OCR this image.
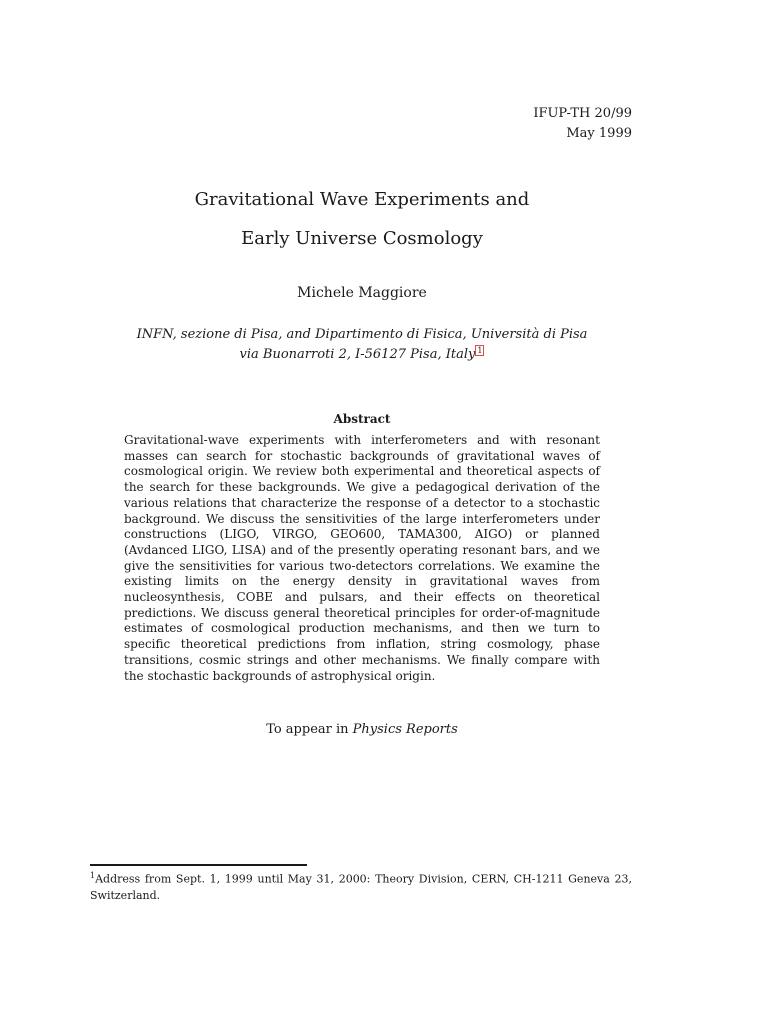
IFUP-TH 20/99
May 1999
Gravitational Wave Experiments and
Early Universe Cosmology
Michele Maggiore
INFN, sezione di Pisa, and Dipartimento di Fisica, Università di Pisa
via Buonarroti 2, I-56127 Pisa, Italy $^1$
Abstract
Gravitational-wave experiments with interferometers and with resonant masses can search for stochastic backgrounds of gravitational waves of cosmological origin. We review both experimental and theoretical aspects of the search for these backgrounds. We give a pedagogical derivation of the various relations that characterize the response of a detector to a stochastic background. We discuss the sensitivities of the large interferometers under constructions (LIGO, VIRGO, GEO600, TAMA300, AIGO) or planned (Avdanced LIGO, LISA) and of the presently operating resonant bars, and we give the sensitivities for various two-detectors correlations. We examine the existing limits on the energy density in gravitational waves from nucleosynthesis, COBE and pulsars, and their effects on theoretical predictions. We discuss general theoretical principles for order-of-magnitude estimates of cosmological production mechanisms, and then we turn to specific theoretical predictions from inflation, string cosmology, phase transitions, cosmic strings and other mechanisms. We finally compare with the stochastic backgrounds of astrophysical origin.
To appear in Physics Reports
$^1$Address from Sept. 1, 1999 until May 31, 2000: Theory Division, CERN, CH-1211 Geneva 23, Switzerland.
